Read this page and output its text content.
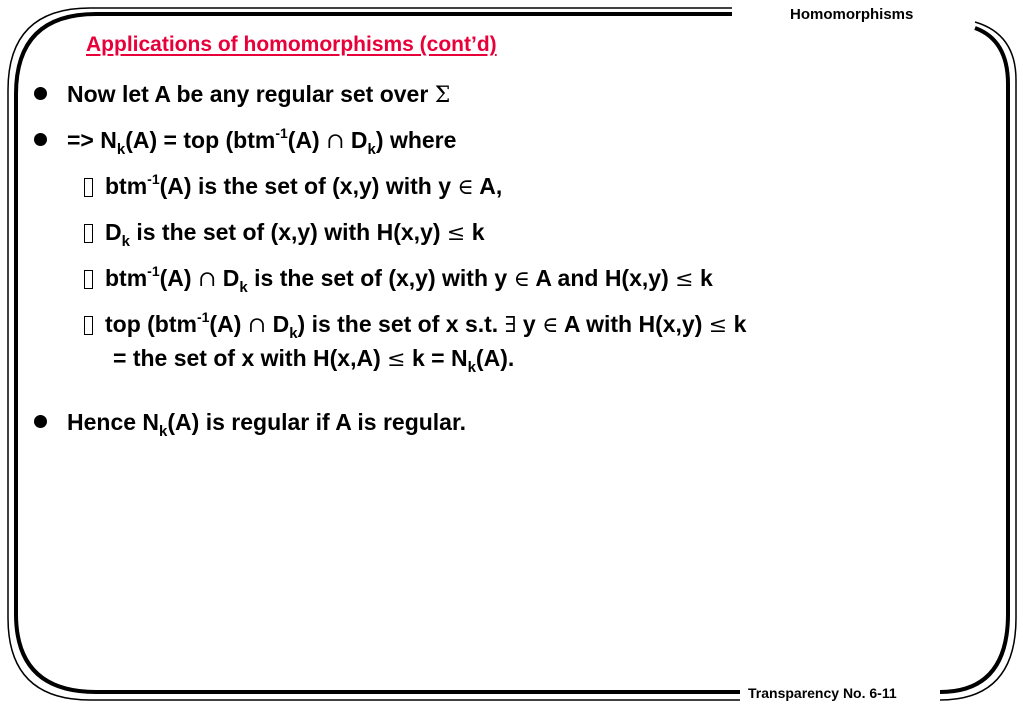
Homomorphisms
Applications of homomorphisms (cont’d)
Now let A be any regular set over Σ
=> $N_k(A)$ = top (btm$^{-1}$(A) ∩ $D_k$) where
btm$^{-1}$(A) is the set of (x,y) with y ∈ A,
$D_k$ is the set of (x,y) with H(x,y) ≤ k
btm$^{-1}$(A) ∩ $D_k$ is the set of (x,y) with y ∈ A and H(x,y) ≤ k
top (btm$^{-1}$(A) ∩ $D_k$) is the set of x s.t. ∃ y ∈ A with H(x,y) ≤ k
= the set of x with $H(x,A) \le k = N_k(A)$.
Hence $N_k(A)$ is regular if A is regular.
Transparency No. 6-11
